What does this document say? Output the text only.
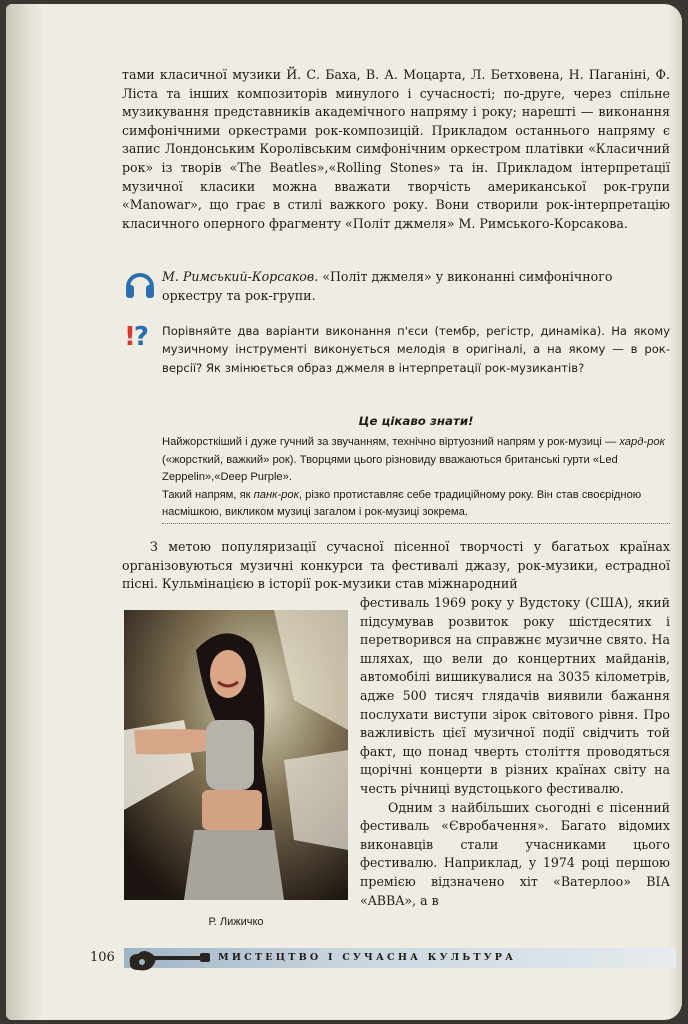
тами класичної музики Й. С. Баха, В. А. Моцарта, Л. Бетховена, Н. Паганіні, Ф. Ліста та інших композиторів минулого і сучасності; по-друге, через спільне музикування представників академічного напряму і року; нарешті — виконання симфонічними оркестрами рок-композицій. Прикладом останнього напряму є запис Лондонським Королівським симфонічним оркестром платівки «Класичний рок» із творів «The Beatles»,«Rolling Stones» та ін. Прикладом інтерпретації музичної класики можна вважати творчість американської рок-групи «Manowar», що грає в стилі важкого року. Вони створили рок-інтерпретацію класичного оперного фрагменту «Політ джмеля» М. Римського-Корсакова.

М. Римський-Корсаков. «Політ джмеля» у виконанні симфонічного оркестру та рок-групи.

!?	Порівняйте два варіанти виконання п'єси (тембр, регістр, динаміка). На якому музичному інструменті виконується мелодія в оригіналі, а на якому — в рок-версії? Як змінюється образ джмеля в інтерпретації рок-музикантів?

Це цікаво знати!

Найжорсткіший і дуже гучний за звучанням, технічно віртуозний напрям у рок-музиці — хард-рок («жорсткий, важкий» рок). Творцями цього різновиду вважаються британські гурти «Led Zeppelin»,«Deep Purple».

Такий напрям, як панк-рок, різко протиставляє себе традиційному року. Він став своєрідною насмішкою, викликом музиці загалом і рок-музиці зокрема.

З метою популяризації сучасної пісенної творчості у багатьох країнах організовуються музичні конкурси та фестивалі джазу, рок-музики, естрадної пісні. Кульмінацією в історії рок-музики став міжнародний

Р. Лижичко

фестиваль 1969 року у Вудстоку (США), який підсумував розвиток року шістдесятих і перетворився на справжнє музичне свято. На шляхах, що вели до концертних майданів, автомобілі вишикувалися на 3035 кілометрів, адже 500 тисяч глядачів виявили бажання послухати виступи зірок світового рівня. Про важливість цієї музичної події свідчить той факт, що понад чверть століття проводяться щорічні концерти в різних країнах світу на честь річниці вудстоцького фестивалю.

Одним з найбільших сьогодні є пісенний фестиваль «Євробачення». Багато відомих виконавців стали учасниками цього фестивалю. Наприклад, у 1974 році першою премією відзначено хіт «Ватерлоо» ВІА «ABBA», а в

106	МИСТЕЦТВО І СУЧАСНА КУЛЬТУРА
